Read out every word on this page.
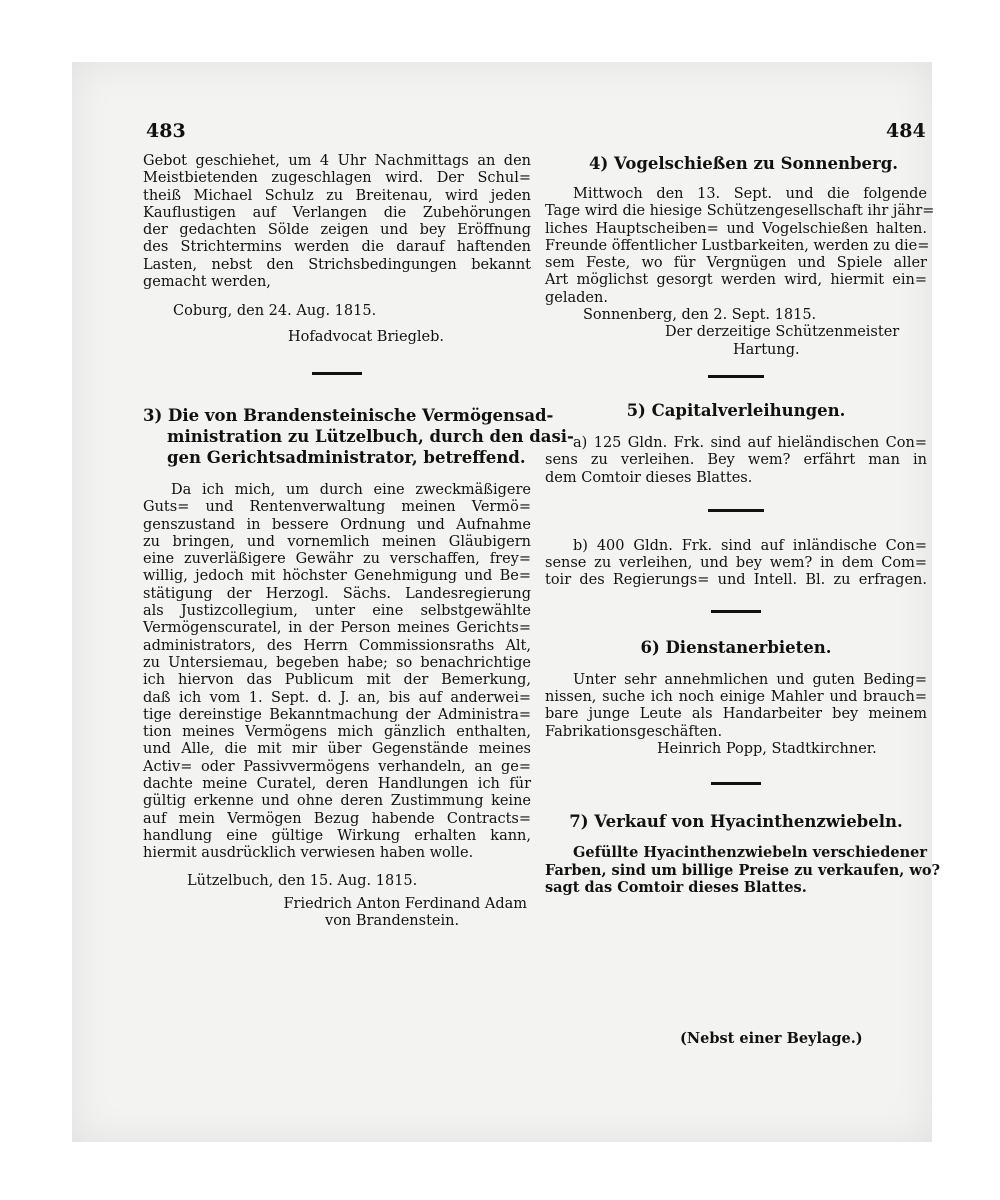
483	484
Gebot geschiehet, um 4 Uhr Nachmittags an den
Meistbietenden zugeschlagen wird. Der Schul=
theiß Michael Schulz zu Breitenau, wird jeden
Kauflustigen auf Verlangen die Zubehörungen
der gedachten Sölde zeigen und bey Eröffnung
des Strichtermins werden die darauf haftenden
Lasten, nebst den Strichsbedingungen bekannt
gemacht werden,
Coburg, den 24. Aug. 1815.
Hofadvocat Briegleb.
3) Die von Brandensteinische Vermögensad-
ministration zu Lützelbuch, durch den dasi-
gen Gerichtsadministrator, betreffend.
Da ich mich, um durch eine zweckmäßigere
Guts= und Rentenverwaltung meinen Vermö=
genszustand in bessere Ordnung und Aufnahme
zu bringen, und vornemlich meinen Gläubigern
eine zuverläßigere Gewähr zu verschaffen, frey=
willig, jedoch mit höchster Genehmigung und Be=
stätigung der Herzogl. Sächs. Landesregierung
als Justizcollegium, unter eine selbstgewählte
Vermögenscuratel, in der Person meines Gerichts=
administrators, des Herrn Commissionsraths Alt,
zu Untersiemau, begeben habe; so benachrichtige
ich hiervon das Publicum mit der Bemerkung,
daß ich vom 1. Sept. d. J. an, bis auf anderwei=
tige dereinstige Bekanntmachung der Administra=
tion meines Vermögens mich gänzlich enthalten,
und Alle, die mit mir über Gegenstände meines
Activ= oder Passivvermögens verhandeln, an ge=
dachte meine Curatel, deren Handlungen ich für
gültig erkenne und ohne deren Zustimmung keine
auf mein Vermögen Bezug habende Contracts=
handlung eine gültige Wirkung erhalten kann,
hiermit ausdrücklich verwiesen haben wolle.
Lützelbuch, den 15. Aug. 1815.
Friedrich Anton Ferdinand Adam
von Brandenstein.
4) Vogelschießen zu Sonnenberg.
Mittwoch den 13. Sept. und die folgende
Tage wird die hiesige Schützengesellschaft ihr jähr=
liches Hauptscheiben= und Vogelschießen halten.
Freunde öffentlicher Lustbarkeiten, werden zu die=
sem Feste, wo für Vergnügen und Spiele aller
Art möglichst gesorgt werden wird, hiermit ein=
geladen.
Sonnenberg, den 2. Sept. 1815.
Der derzeitige Schützenmeister
Hartung.
5) Capitalverleihungen.
a) 125 Gldn. Frk. sind auf hieländischen Con=
sens zu verleihen. Bey wem? erfährt man in
dem Comtoir dieses Blattes.
b) 400 Gldn. Frk. sind auf inländische Con=
sense zu verleihen, und bey wem? in dem Com=
toir des Regierungs= und Intell. Bl. zu erfragen.
6) Dienstanerbieten.
Unter sehr annehmlichen und guten Beding=
nissen, suche ich noch einige Mahler und brauch=
bare junge Leute als Handarbeiter bey meinem
Fabrikationsgeschäften.
Heinrich Popp, Stadtkirchner.
7) Verkauf von Hyacinthenzwiebeln.
Gefüllte Hyacinthenzwiebeln verschiedener
Farben, sind um billige Preise zu verkaufen, wo?
sagt das Comtoir dieses Blattes.
(Nebst einer Beylage.)
